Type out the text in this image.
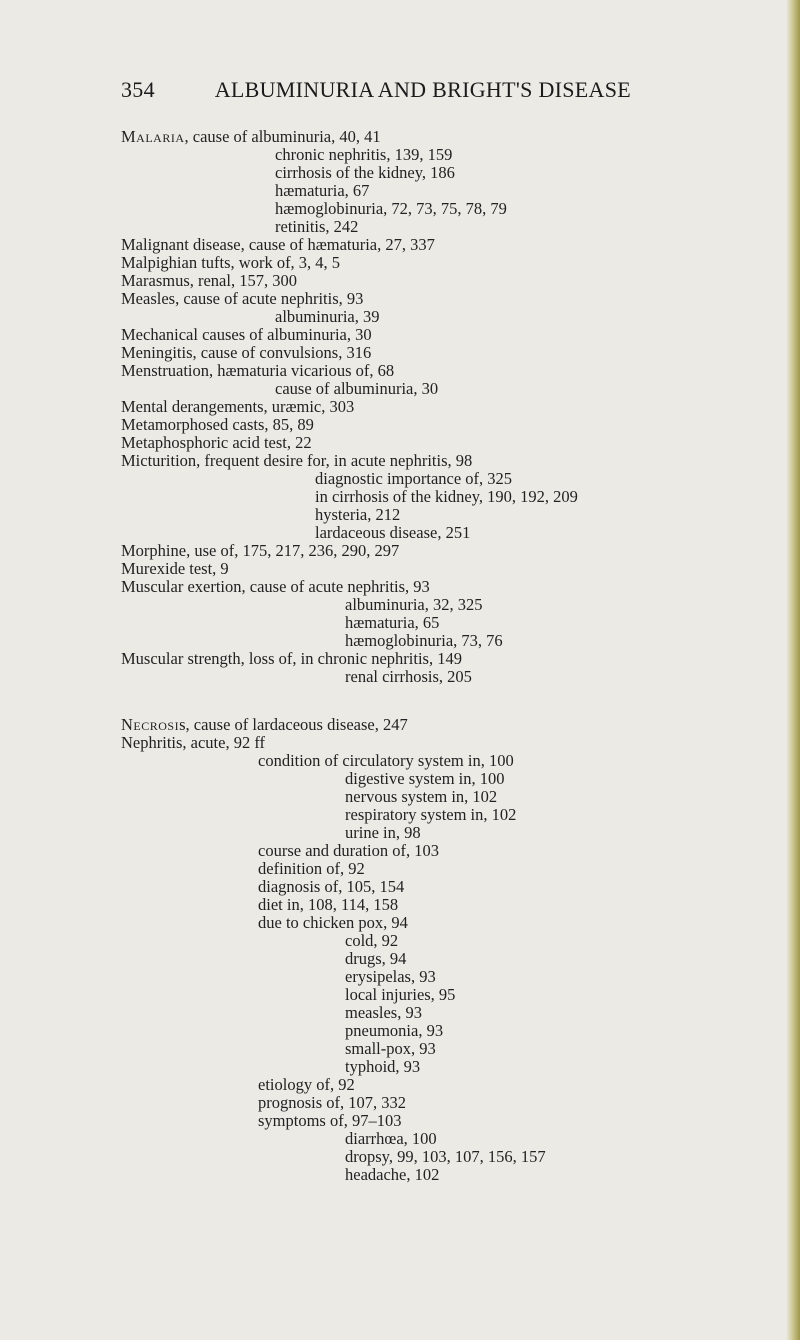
354	ALBUMINURIA AND BRIGHT'S DISEASE
Malaria, cause of albuminuria, 40, 41
chronic nephritis, 139, 159
cirrhosis of the kidney, 186
hæmaturia, 67
hæmoglobinuria, 72, 73, 75, 78, 79
retinitis, 242
Malignant disease, cause of hæmaturia, 27, 337
Malpighian tufts, work of, 3, 4, 5
Marasmus, renal, 157, 300
Measles, cause of acute nephritis, 93
albuminuria, 39
Mechanical causes of albuminuria, 30
Meningitis, cause of convulsions, 316
Menstruation, hæmaturia vicarious of, 68
cause of albuminuria, 30
Mental derangements, uræmic, 303
Metamorphosed casts, 85, 89
Metaphosphoric acid test, 22
Micturition, frequent desire for, in acute nephritis, 98
diagnostic importance of, 325
in cirrhosis of the kidney, 190, 192, 209
hysteria, 212
lardaceous disease, 251
Morphine, use of, 175, 217, 236, 290, 297
Murexide test, 9
Muscular exertion, cause of acute nephritis, 93
albuminuria, 32, 325
hæmaturia, 65
hæmoglobinuria, 73, 76
Muscular strength, loss of, in chronic nephritis, 149
renal cirrhosis, 205
Necrosis, cause of lardaceous disease, 247
Nephritis, acute, 92 ff
condition of circulatory system in, 100
digestive system in, 100
nervous system in, 102
respiratory system in, 102
urine in, 98
course and duration of, 103
definition of, 92
diagnosis of, 105, 154
diet in, 108, 114, 158
due to chicken pox, 94
cold, 92
drugs, 94
erysipelas, 93
local injuries, 95
measles, 93
pneumonia, 93
small-pox, 93
typhoid, 93
etiology of, 92
prognosis of, 107, 332
symptoms of, 97–103
diarrhœa, 100
dropsy, 99, 103, 107, 156, 157
headache, 102
